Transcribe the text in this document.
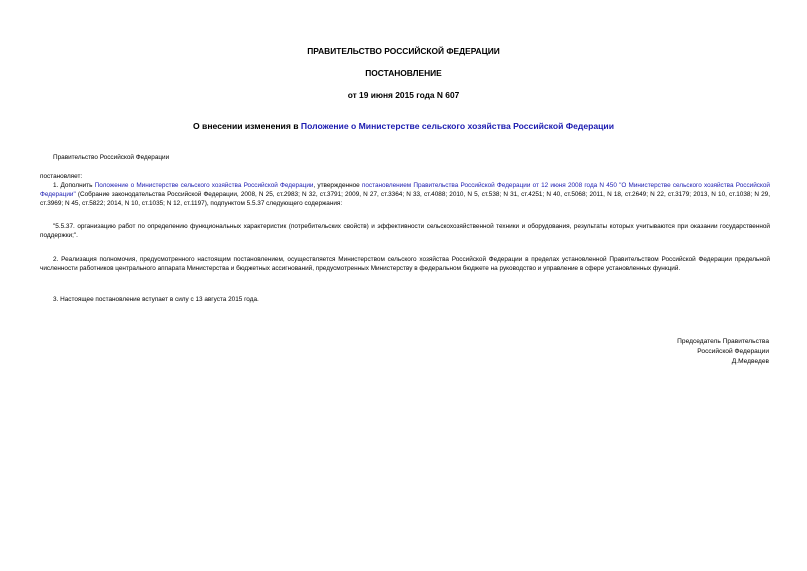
ПРАВИТЕЛЬСТВО РОССИЙСКОЙ ФЕДЕРАЦИИ

ПОСТАНОВЛЕНИЕ

от 19 июня 2015 года N 607

О внесении изменения в Положение о Министерстве сельского хозяйства Российской Федерации

Правительство Российской Федерации

постановляет:

1. Дополнить Положение о Министерстве сельского хозяйства Российской Федерации, утвержденное постановлением Правительства Российской Федерации от 12 июня 2008 года N 450 "О Министерстве сельского хозяйства Российской Федерации" (Собрание законодательства Российской Федерации, 2008, N 25, ст.2983; N 32, ст.3791; 2009, N 27, ст.3364; N 33, ст.4088; 2010, N 5, ст.538; N 31, ст.4251; N 40, ст.5068; 2011, N 18, ст.2649; N 22, ст.3179; 2013, N 10, ст.1038; N 29, ст.3969; N 45, ст.5822; 2014, N 10, ст.1035; N 12, ст.1197), подпунктом 5.5.37 следующего содержания:

"5.5.37. организацию работ по определению функциональных характеристик (потребительских свойств) и эффективности сельскохозяйственной техники и оборудования, результаты которых учитываются при оказании государственной поддержки;".

2. Реализация полномочия, предусмотренного настоящим постановлением, осуществляется Министерством сельского хозяйства Российской Федерации в пределах установленной Правительством Российской Федерации предельной численности работников центрального аппарата Министерства и бюджетных ассигнований, предусмотренных Министерству в федеральном бюджете на руководство и управление в сфере установленных функций.

3. Настоящее постановление вступает в силу с 13 августа 2015 года.

Председатель Правительства

Российской Федерации

Д.Медведев
